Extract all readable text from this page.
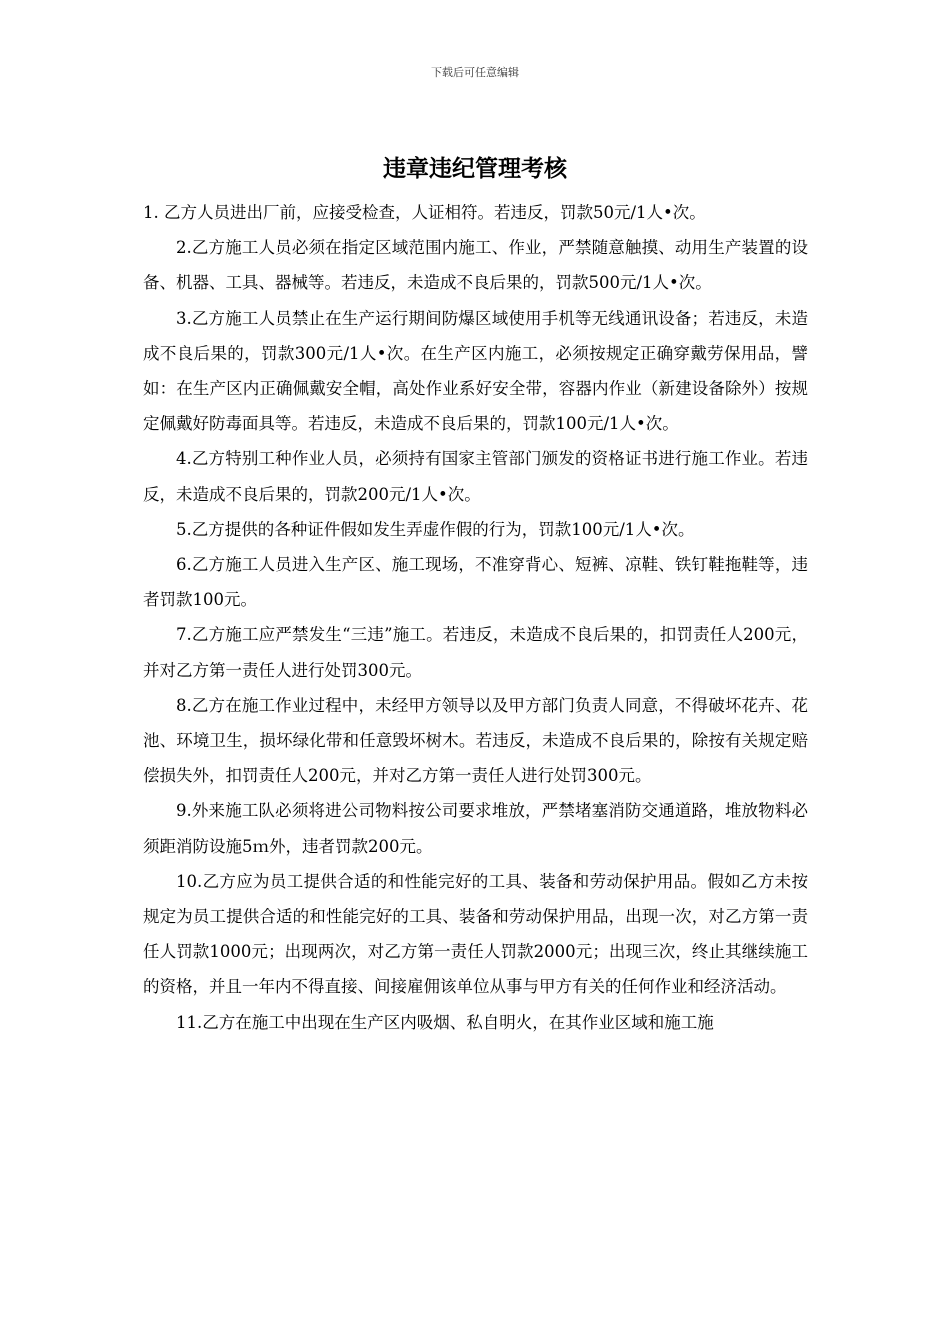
下载后可任意编辑
违章违纪管理考核

1. 乙方人员进出厂前，应接受检查，人证相符。若违反，罚款50元/1人•次。

2.乙方施工人员必须在指定区域范围内施工、作业，严禁随意触摸、动用生产装置的设备、机器、工具、器械等。若违反，未造成不良后果的，罚款500元/1人•次。

3.乙方施工人员禁止在生产运行期间防爆区域使用手机等无线通讯设备；若违反，未造成不良后果的，罚款300元/1人•次。在生产区内施工，必须按规定正确穿戴劳保用品，譬如：在生产区内正确佩戴安全帽，高处作业系好安全带，容器内作业（新建设备除外）按规定佩戴好防毒面具等。若违反，未造成不良后果的，罚款100元/1人•次。

4.乙方特别工种作业人员，必须持有国家主管部门颁发的资格证书进行施工作业。若违反，未造成不良后果的，罚款200元/1人•次。

5.乙方提供的各种证件假如发生弄虚作假的行为，罚款100元/1人•次。

6.乙方施工人员进入生产区、施工现场，不准穿背心、短裤、凉鞋、铁钉鞋拖鞋等，违者罚款100元。

7.乙方施工应严禁发生“三违”施工。若违反，未造成不良后果的，扣罚责任人200元，并对乙方第一责任人进行处罚300元。

8.乙方在施工作业过程中，未经甲方领导以及甲方部门负责人同意，不得破坏花卉、花池、环境卫生，损坏绿化带和任意毁坏树木。若违反，未造成不良后果的，除按有关规定赔偿损失外，扣罚责任人200元，并对乙方第一责任人进行处罚300元。

9.外来施工队必须将进公司物料按公司要求堆放，严禁堵塞消防交通道路，堆放物料必须距消防设施5ｍ外，违者罚款200元。

10.乙方应为员工提供合适的和性能完好的工具、装备和劳动保护用品。假如乙方未按规定为员工提供合适的和性能完好的工具、装备和劳动保护用品，出现一次，对乙方第一责任人罚款1000元；出现两次，对乙方第一责任人罚款2000元；出现三次，终止其继续施工的资格，并且一年内不得直接、间接雇佣该单位从事与甲方有关的任何作业和经济活动。

11.乙方在施工中出现在生产区内吸烟、私自明火，在其作业区域和施工施
